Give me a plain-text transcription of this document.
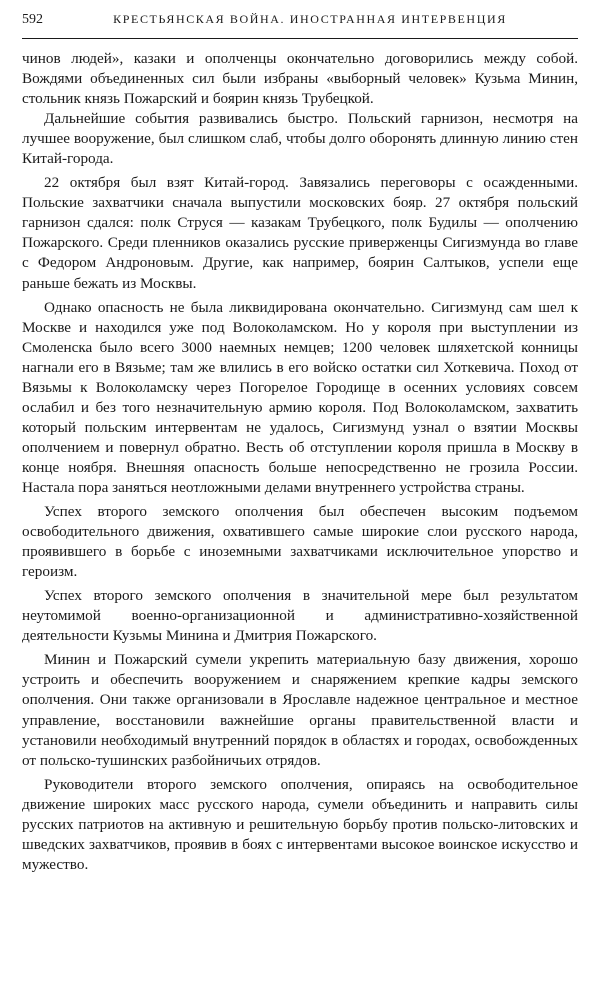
592	КРЕСТЬЯНСКАЯ ВОЙНА. ИНОСТРАННАЯ ИНТЕРВЕНЦИЯ

чинов людей», казаки и ополченцы окончательно договорились между собой. Вождями объединенных сил были избраны «выборный человек» Кузьма Минин, стольник князь Пожарский и боярин князь Трубецкой.

Дальнейшие события развивались быстро. Польский гарнизон, несмотря на лучшее вооружение, был слишком слаб, чтобы долго оборонять длинную линию стен Китай-города.

22 октября был взят Китай-город. Завязались переговоры с осажденными. Польские захватчики сначала выпустили московских бояр. 27 октября польский гарнизон сдался: полк Струся — казакам Трубецкого, полк Будилы — ополчению Пожарского. Среди пленников оказались русские приверженцы Сигизмунда во главе с Федором Андроновым. Другие, как например, боярин Салтыков, успели еще раньше бежать из Москвы.

Однако опасность не была ликвидирована окончательно. Сигизмунд сам шел к Москве и находился уже под Волоколамском. Но у короля при выступлении из Смоленска было всего 3000 наемных немцев; 1200 человек шляхетской конницы нагнали его в Вязьме; там же влились в его войско остатки сил Хоткевича. Поход от Вязьмы к Волоколамску через Погорелое Городище в осенних условиях совсем ослабил и без того незначительную армию короля. Под Волоколамском, захватить который польским интервентам не удалось, Сигизмунд узнал о взятии Москвы ополчением и повернул обратно. Весть об отступлении короля пришла в Москву в конце ноября. Внешняя опасность больше непосредственно не грозила России. Настала пора заняться неотложными делами внутреннего устройства страны.

Успех второго земского ополчения был обеспечен высоким подъемом освободительного движения, охватившего самые широкие слои русского народа, проявившего в борьбе с иноземными захватчиками исключительное упорство и героизм.

Успех второго земского ополчения в значительной мере был результатом неутомимой военно-организационной и административно-хозяйственной деятельности Кузьмы Минина и Дмитрия Пожарского.

Минин и Пожарский сумели укрепить материальную базу движения, хорошо устроить и обеспечить вооружением и снаряжением крепкие кадры земского ополчения. Они также организовали в Ярославле надежное центральное и местное управление, восстановили важнейшие органы правительственной власти и установили необходимый внутренний порядок в областях и городах, освобожденных от польско-тушинских разбойничьих отрядов.

Руководители второго земского ополчения, опираясь на освободительное движение широких масс русского народа, сумели объединить и направить силы русских патриотов на активную и решительную борьбу против польско-литовских и шведских захватчиков, проявив в боях с интервентами высокое воинское искусство и мужество.
